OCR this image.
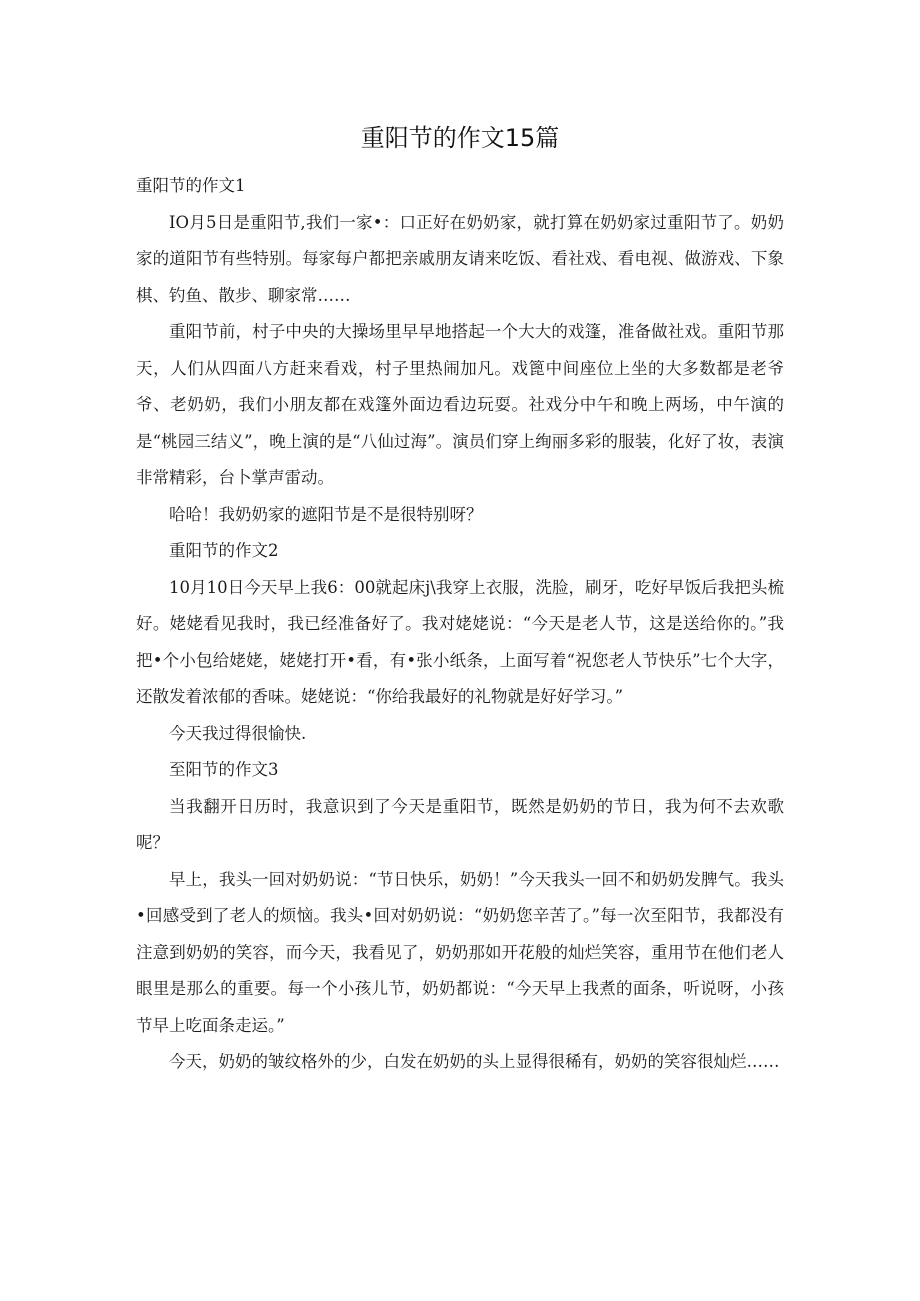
重阳节的作文15篇

重阳节的作文1

IO月5日是重阳节,我们一家•：口正好在奶奶家，就打算在奶奶家过重阳节了。奶奶家的道阳节有些特别。每家每户都把亲戚朋友请来吃饭、看社戏、看电视、做游戏、下象棋、钓鱼、散步、聊家常……

重阳节前，村子中央的大操场里早早地搭起一个大大的戏篷，准备做社戏。重阳节那天，人们从四面八方赶来看戏，村子里热闹加凡。戏篦中间座位上坐的大多数都是老爷爷、老奶奶，我们小朋友都在戏篷外面边看边玩耍。社戏分中午和晚上两场，中午演的是“桃园三结义”，晚上演的是“八仙过海”。演员们穿上绚丽多彩的服装，化好了妆，表演非常精彩，台卜掌声雷动。

哈哈！我奶奶家的遮阳节是不是很特别呀？

重阳节的作文2

10月10日今天早上我6：00就起床j\我穿上衣服，洗脸，刷牙，吃好早饭后我把头梳好。姥姥看见我时，我已经准备好了。我对姥姥说：“今天是老人节，这是送给你的。”我把•个小包给姥姥，姥姥打开•看，有•张小纸条，上面写着“祝您老人节快乐”七个大字，还散发着浓郁的香味。姥姥说：“你给我最好的礼物就是好好学习。”

今天我过得很愉快.

至阳节的作文3

当我翻开日历时，我意识到了今天是重阳节，既然是奶奶的节日，我为何不去欢歌呢？

早上，我头一回对奶奶说：“节日快乐，奶奶！”今天我头一回不和奶奶发脾气。我头•回感受到了老人的烦恼。我头•回对奶奶说：“奶奶您辛苦了。”每一次至阳节，我都没有注意到奶奶的笑容，而今天，我看见了，奶奶那如开花般的灿烂笑容，重用节在他们老人眼里是那么的重要。每一个小孩儿节，奶奶都说：“今天早上我煮的面条，听说呀，小孩节早上吃面条走运。”

今天，奶奶的皱纹格外的少，白发在奶奶的头上显得很稀有，奶奶的笑容很灿烂……
